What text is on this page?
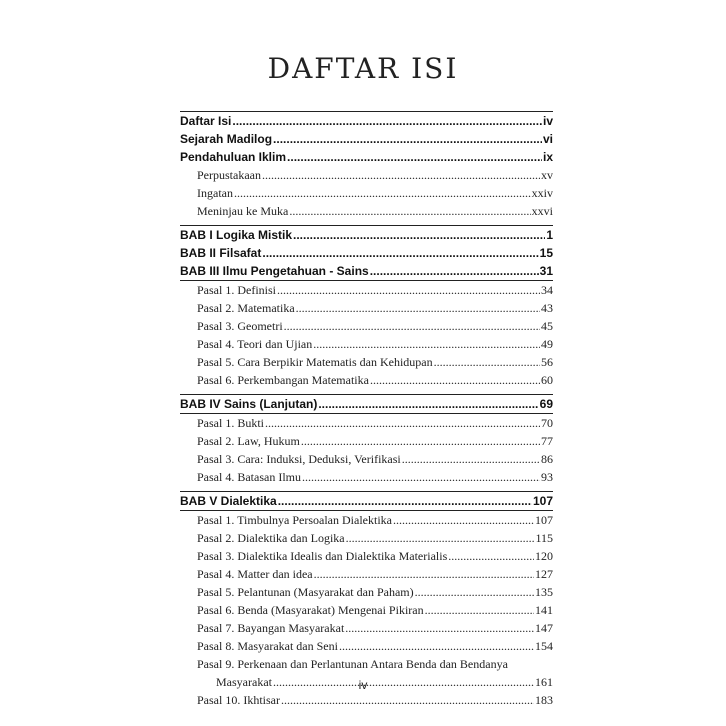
DAFTAR ISI
Daftar Isi .....	iv
Sejarah Madilog .....	vi
Pendahuluan Iklim .....	ix
Perpustakaan .....	xv
Ingatan .....	xxiv
Meninjau ke Muka .....	xxvi
BAB I Logika Mistik .....	1
BAB II Filsafat .....	15
BAB III Ilmu Pengetahuan - Sains .....	31
Pasal 1. Definisi .....	34
Pasal 2. Matematika .....	43
Pasal 3. Geometri .....	45
Pasal 4. Teori dan Ujian .....	49
Pasal 5. Cara Berpikir Matematis dan Kehidupan .....	56
Pasal 6. Perkembangan Matematika .....	60
BAB IV Sains (Lanjutan) .....	69
Pasal 1. Bukti .....	70
Pasal 2. Law, Hukum .....	77
Pasal 3. Cara: Induksi, Deduksi, Verifikasi .....	86
Pasal 4. Batasan Ilmu .....	93
BAB V Dialektika .....	107
Pasal 1. Timbulnya Persoalan Dialektika .....	107
Pasal 2. Dialektika dan Logika .....	115
Pasal 3. Dialektika Idealis dan Dialektika Materialis .....	120
Pasal 4. Matter dan idea .....	127
Pasal 5. Pelantunan (Masyarakat dan Paham) .....	135
Pasal 6. Benda (Masyarakat) Mengenai Pikiran .....	141
Pasal 7. Bayangan Masyarakat .....	147
Pasal 8. Masyarakat dan Seni .....	154
Pasal 9. Perkenaan dan Perlantunan Antara Benda dan Bendanya
Masyarakat .....	161
Pasal 10. Ikhtisar .....	183
iv
